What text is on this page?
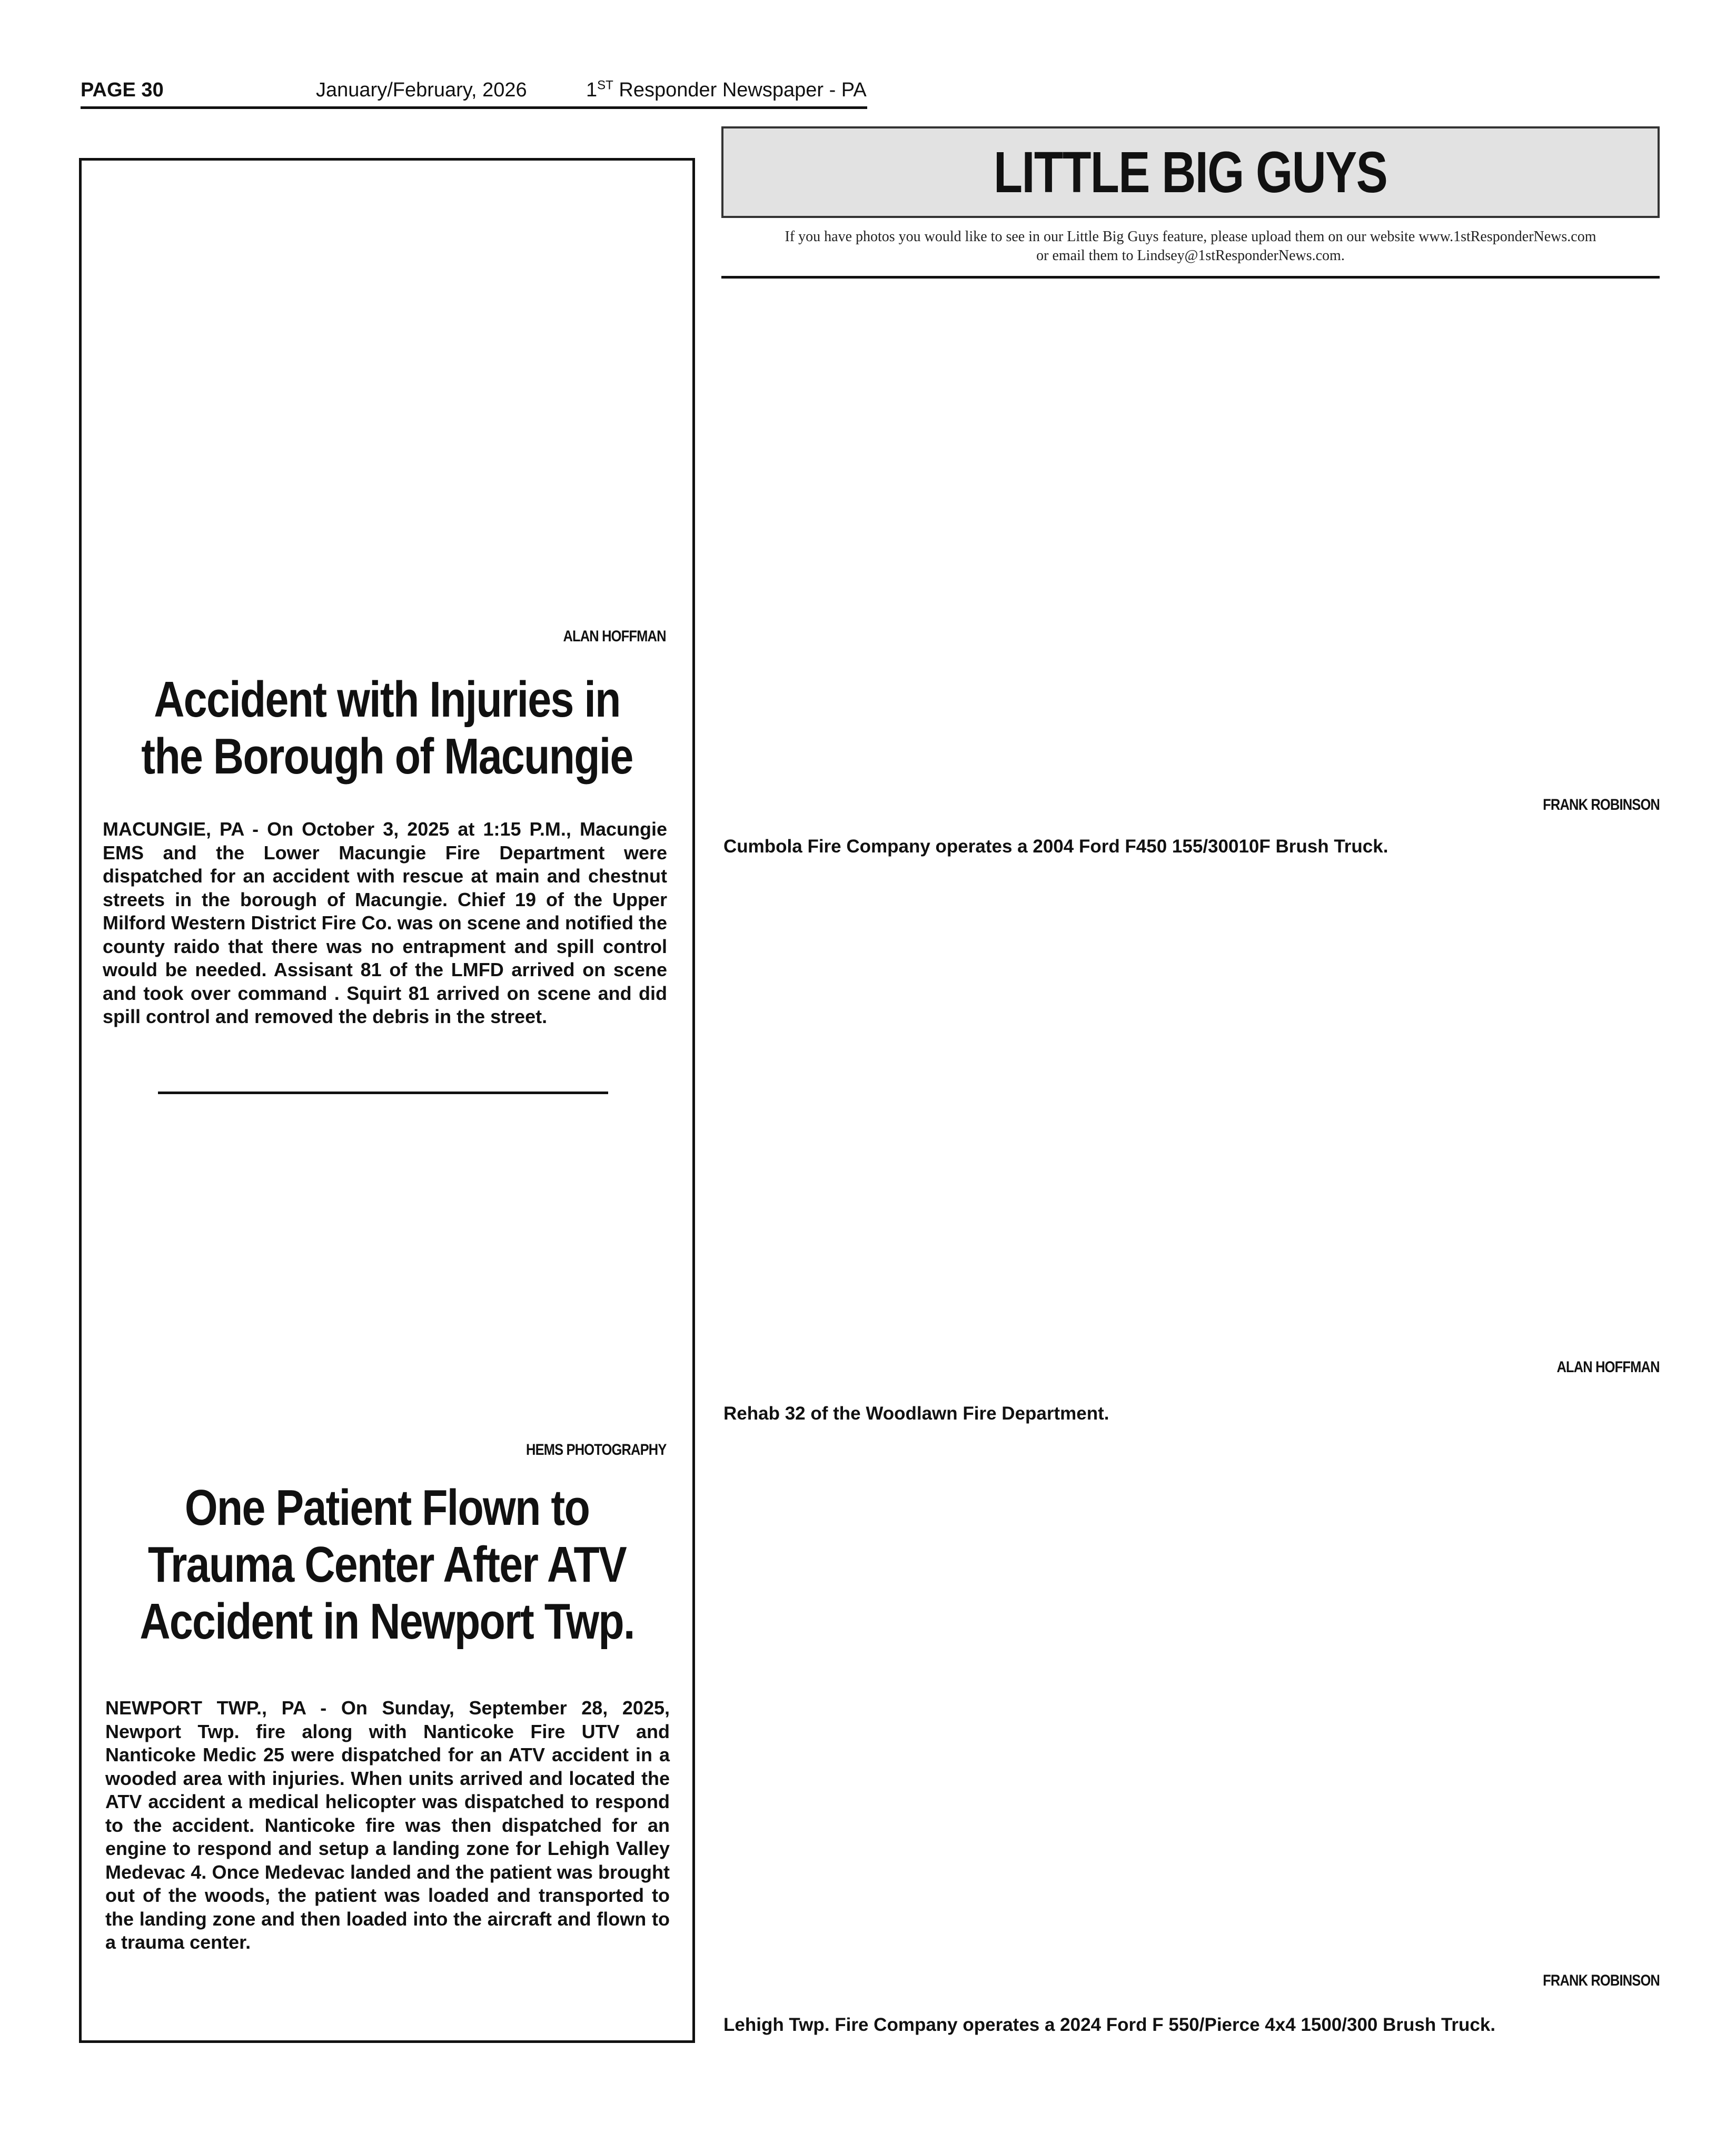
PAGE 30	January/February, 2026	1ST Responder Newspaper - PA
ALAN HOFFMAN
Accident with Injuries in
the Borough of Macungie
MACUNGIE, PA - On October 3, 2025 at 1:15 P.M., Macungie EMS and the Lower Macungie Fire Department were dispatched for an accident with rescue at main and chestnut streets in the borough of Macungie. Chief 19 of the Upper Milford Western District Fire Co. was on scene and notified the county raido that there was no entrapment and spill control would be needed. Assisant 81 of the LMFD arrived on scene and took over command . Squirt 81 arrived on scene and did spill control and removed the debris in the street.
HEMS PHOTOGRAPHY
One Patient Flown to
Trauma Center After ATV
Accident in Newport Twp.
NEWPORT TWP., PA - On Sunday, September 28, 2025, Newport Twp. fire along with Nanticoke Fire UTV and Nanticoke Medic 25 were dispatched for an ATV accident in a wooded area with injuries. When units arrived and located the ATV accident a medical helicopter was dispatched to respond to the accident. Nanticoke fire was then dispatched for an engine to respond and setup a landing zone for Lehigh Valley Medevac 4. Once Medevac landed and the patient was brought out of the woods, the patient was loaded and transported to the landing zone and then loaded into the aircraft and flown to a trauma center.
LITTLE BIG GUYS
If you have photos you would like to see in our Little Big Guys feature, please upload them on our website www.1stResponderNews.com
or email them to Lindsey@1stResponderNews.com.
FRANK ROBINSON
Cumbola Fire Company operates a 2004 Ford F450 155/30010F Brush Truck.
ALAN HOFFMAN
Rehab 32 of the Woodlawn Fire Department.
FRANK ROBINSON
Lehigh Twp. Fire Company operates a 2024 Ford F 550/Pierce 4x4 1500/300 Brush Truck.
